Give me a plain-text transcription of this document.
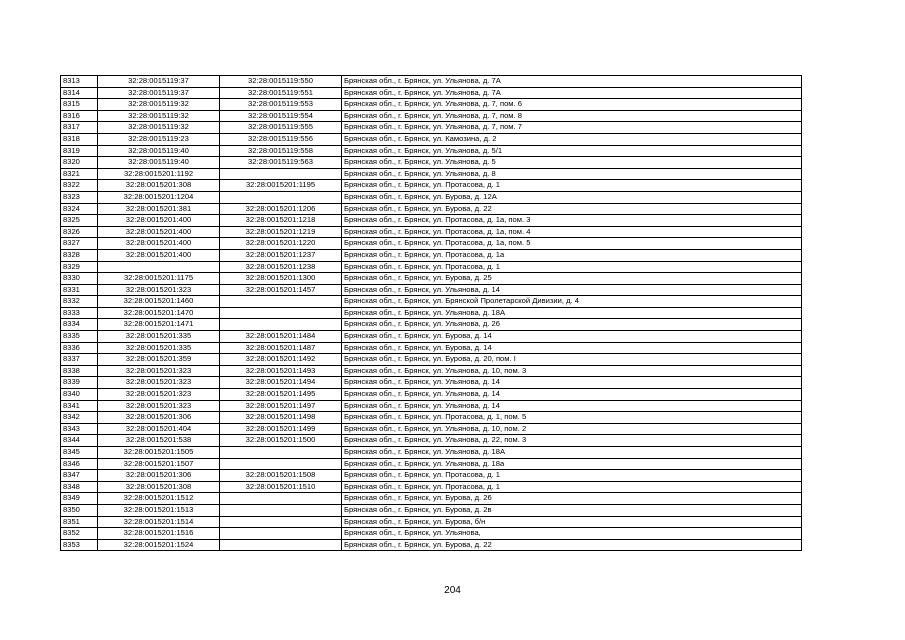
8313	32:28:0015119:37	32:28:0015119:550	Брянская обл., г. Брянск, ул. Ульянова, д. 7А
8314	32:28:0015119:37	32:28:0015119:551	Брянская обл., г. Брянск, ул. Ульянова, д. 7А
8315	32:28:0015119:32	32:28:0015119:553	Брянская обл., г. Брянск, ул. Ульянова, д. 7, пом. 6
8316	32:28:0015119:32	32:28:0015119:554	Брянская обл., г. Брянск, ул. Ульянова, д. 7, пом. 8
8317	32:28:0015119:32	32:28:0015119:555	Брянская обл., г. Брянск, ул. Ульянова, д. 7, пом. 7
8318	32:28:0015119:23	32:28:0015119:556	Брянская обл., г. Брянск, ул. Камозина, д. 2
8319	32:28:0015119:40	32:28:0015119:558	Брянская обл., г. Брянск, ул. Ульянова, д. 5/1
8320	32:28:0015119:40	32:28:0015119:563	Брянская обл., г. Брянск, ул. Ульянова, д. 5
8321	32:28:0015201:1192		Брянская обл., г. Брянск, ул. Ульянова, д. 8
8322	32:28:0015201:308	32:28:0015201:1195	Брянская обл., г. Брянск, ул. Протасова, д. 1
8323	32:28:0015201:1204		Брянская обл., г. Брянск, ул. Бурова, д. 12А
8324	32:28:0015201:381	32:28:0015201:1206	Брянская обл., г. Брянск, ул. Бурова, д. 22
8325	32:28:0015201:400	32:28:0015201:1218	Брянская обл., г. Брянск, ул. Протасова, д. 1а, пом. 3
8326	32:28:0015201:400	32:28:0015201:1219	Брянская обл., г. Брянск, ул. Протасова, д. 1а, пом. 4
8327	32:28:0015201:400	32:28:0015201:1220	Брянская обл., г. Брянск, ул. Протасова, д. 1а, пом. 5
8328	32:28:0015201:400	32:28:0015201:1237	Брянская обл., г. Брянск, ул. Протасова, д. 1а
8329		32:28:0015201:1238	Брянская обл., г. Брянск, ул. Протасова, д. 1
8330	32:28:0015201:1175	32:28:0015201:1300	Брянская обл., г. Брянск, ул. Бурова, д. 25
8331	32:28:0015201:323	32:28:0015201:1457	Брянская обл., г. Брянск, ул. Ульянова, д. 14
8332	32:28:0015201:1460		Брянская обл., г. Брянск, ул. Брянской Пролетарской Дивизии, д. 4
8333	32:28:0015201:1470		Брянская обл., г. Брянск, ул. Ульянова, д. 18А
8334	32:28:0015201:1471		Брянская обл., г. Брянск, ул. Ульянова, д. 26
8335	32:28:0015201:335	32:28:0015201:1484	Брянская обл., г. Брянск, ул. Бурова, д. 14
8336	32:28:0015201:335	32:28:0015201:1487	Брянская обл., г. Брянск, ул. Бурова, д. 14
8337	32:28:0015201:359	32:28:0015201:1492	Брянская обл., г. Брянск, ул. Бурова, д. 20, пом. I
8338	32:28:0015201:323	32:28:0015201:1493	Брянская обл., г. Брянск, ул. Ульянова, д. 10, пом. 3
8339	32:28:0015201:323	32:28:0015201:1494	Брянская обл., г. Брянск, ул. Ульянова, д. 14
8340	32:28:0015201:323	32:28:0015201:1495	Брянская обл., г. Брянск, ул. Ульянова, д. 14
8341	32:28:0015201:323	32:28:0015201:1497	Брянская обл., г. Брянск, ул. Ульянова, д. 14
8342	32:28:0015201:306	32:28:0015201:1498	Брянская обл., г. Брянск, ул. Протасова, д. 1, пом. 5
8343	32:28:0015201:404	32:28:0015201:1499	Брянская обл., г. Брянск, ул. Ульянова, д. 10, пом. 2
8344	32:28:0015201:538	32:28:0015201:1500	Брянская обл., г. Брянск, ул. Ульянова, д. 22, пом. 3
8345	32:28:0015201:1505		Брянская обл., г. Брянск, ул. Ульянова, д. 18А
8346	32:28:0015201:1507		Брянская обл., г. Брянск, ул. Ульянова, д. 18а
8347	32:28:0015201:306	32:28:0015201:1508	Брянская обл., г. Брянск, ул. Протасова, д. 1
8348	32:28:0015201:308	32:28:0015201:1510	Брянская обл., г. Брянск, ул. Протасова, д. 1
8349	32:28:0015201:1512		Брянская обл., г. Брянск, ул. Бурова, д. 26
8350	32:28:0015201:1513		Брянская обл., г. Брянск, ул. Бурова, д. 2в
8351	32:28:0015201:1514		Брянская обл., г. Брянск, ул. Бурова, б/н
8352	32:28:0015201:1516		Брянская обл., г. Брянск, ул. Ульянова,
8353	32:28:0015201:1524		Брянская обл., г. Брянск, ул. Бурова, д. 22
204
